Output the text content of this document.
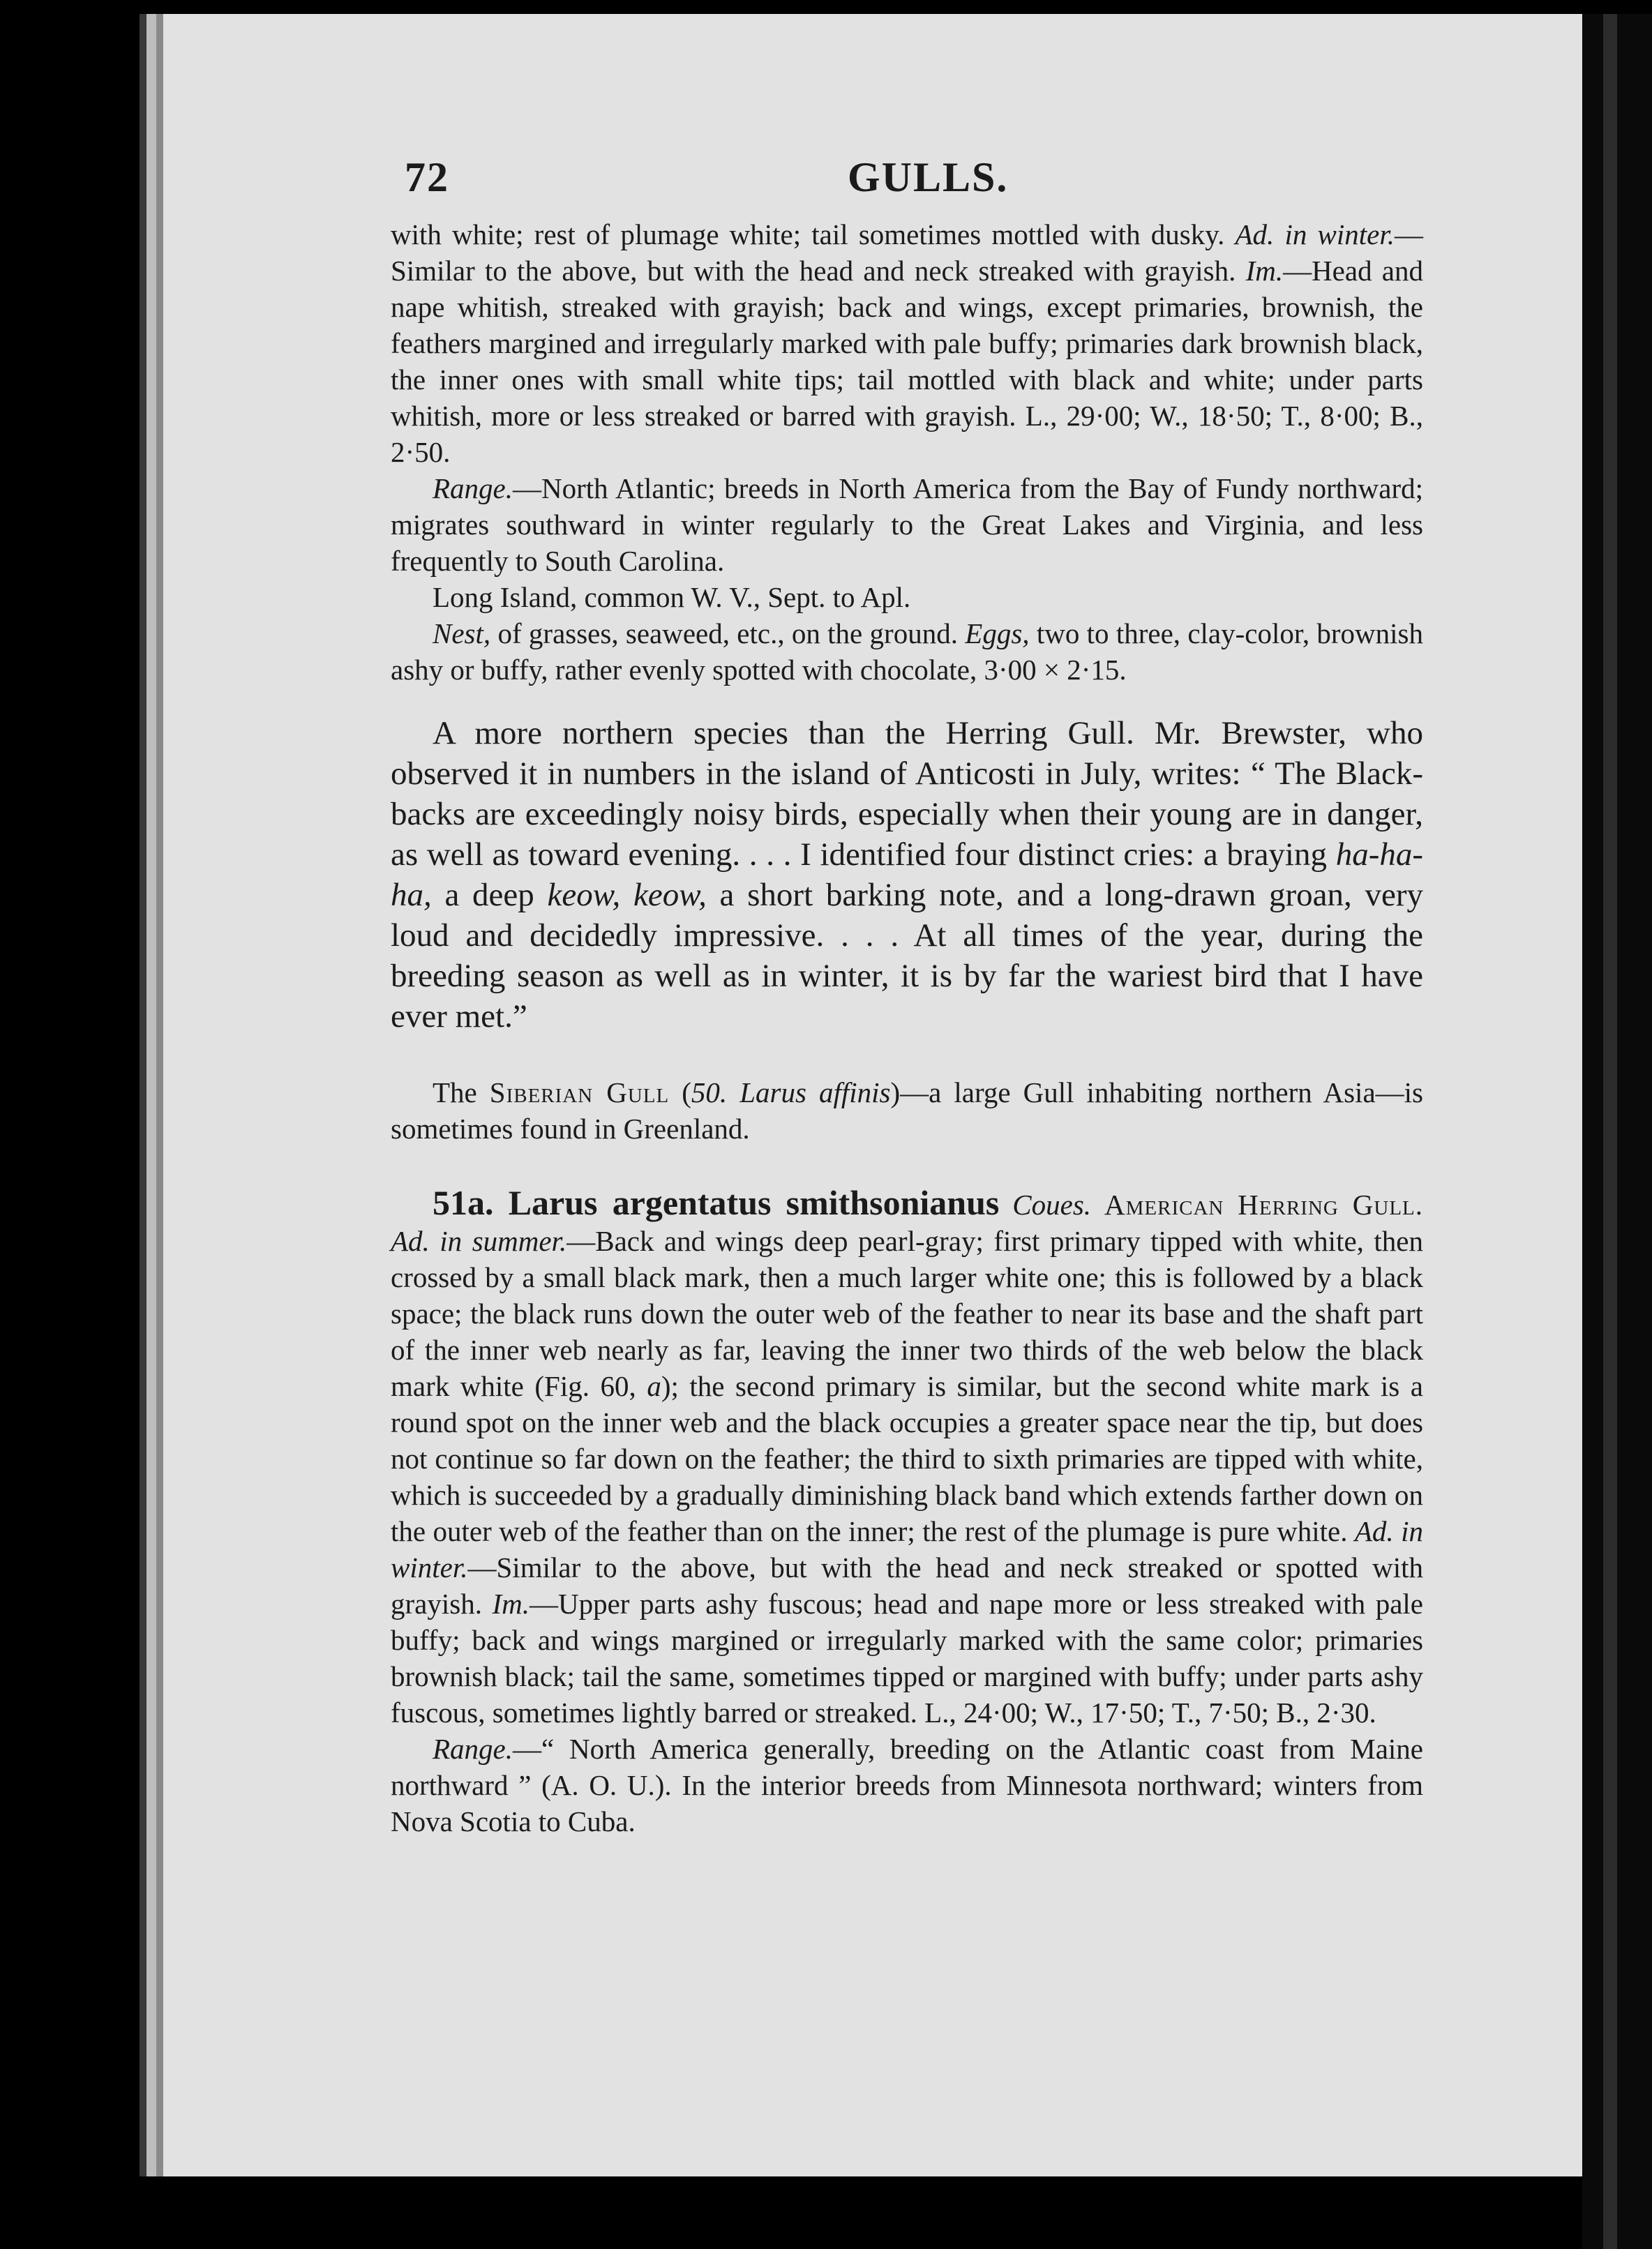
72	GULLS.

with white; rest of plumage white; tail sometimes mottled with dusky. Ad. in winter.—Similar to the above, but with the head and neck streaked with grayish. Im.—Head and nape whitish, streaked with grayish; back and wings, except primaries, brownish, the feathers margined and irregularly marked with pale buffy; primaries dark brownish black, the inner ones with small white tips; tail mottled with black and white; under parts whitish, more or less streaked or barred with grayish. L., 29·00; W., 18·50; T., 8·00; B., 2·50.

Range.—North Atlantic; breeds in North America from the Bay of Fundy northward; migrates southward in winter regularly to the Great Lakes and Virginia, and less frequently to South Carolina.

Long Island, common W. V., Sept. to Apl.

Nest, of grasses, seaweed, etc., on the ground. Eggs, two to three, clay-color, brownish ashy or buffy, rather evenly spotted with chocolate, 3·00 × 2·15.

A more northern species than the Herring Gull. Mr. Brewster, who observed it in numbers in the island of Anticosti in July, writes: “ The Black-backs are exceedingly noisy birds, especially when their young are in danger, as well as toward evening. . . . I identified four distinct cries: a braying ha-ha-ha, a deep keow, keow, a short barking note, and a long-drawn groan, very loud and decidedly impressive. . . . At all times of the year, during the breeding season as well as in winter, it is by far the wariest bird that I have ever met.”

The Siberian Gull (50. Larus affinis)—a large Gull inhabiting northern Asia—is sometimes found in Greenland.

51a. Larus argentatus smithsonianus Coues. American Herring Gull. Ad. in summer.—Back and wings deep pearl-gray; first primary tipped with white, then crossed by a small black mark, then a much larger white one; this is followed by a black space; the black runs down the outer web of the feather to near its base and the shaft part of the inner web nearly as far, leaving the inner two thirds of the web below the black mark white (Fig. 60, a); the second primary is similar, but the second white mark is a round spot on the inner web and the black occupies a greater space near the tip, but does not continue so far down on the feather; the third to sixth primaries are tipped with white, which is succeeded by a gradually diminishing black band which extends farther down on the outer web of the feather than on the inner; the rest of the plumage is pure white. Ad. in winter.—Similar to the above, but with the head and neck streaked or spotted with grayish. Im.—Upper parts ashy fuscous; head and nape more or less streaked with pale buffy; back and wings margined or irregularly marked with the same color; primaries brownish black; tail the same, sometimes tipped or margined with buffy; under parts ashy fuscous, sometimes lightly barred or streaked. L., 24·00; W., 17·50; T., 7·50; B., 2·30.

Range.—“ North America generally, breeding on the Atlantic coast from Maine northward ” (A. O. U.). In the interior breeds from Minnesota northward; winters from Nova Scotia to Cuba.
